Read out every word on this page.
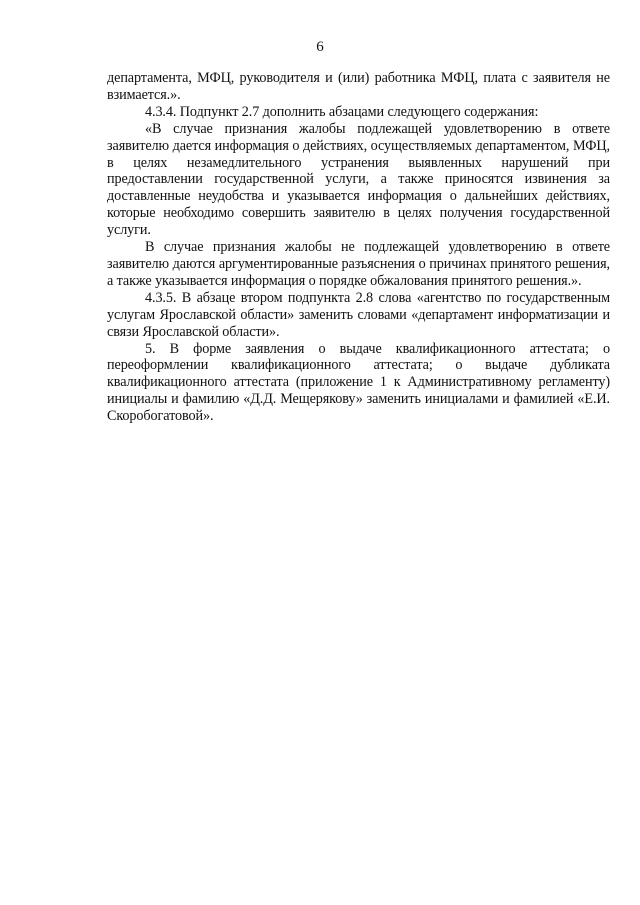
6

департамента, МФЦ, руководителя и (или) работника МФЦ, плата с заявителя не взимается.».

4.3.4. Подпункт 2.7 дополнить абзацами следующего содержания:

«В случае признания жалобы подлежащей удовлетворению в ответе заявителю дается информация о действиях, осуществляемых департаментом, МФЦ, в целях незамедлительного устранения выявленных нарушений при предоставлении государственной услуги, а также приносятся извинения за доставленные неудобства и указывается информация о дальнейших действиях, которые необходимо совершить заявителю в целях получения государственной услуги.

В случае признания жалобы не подлежащей удовлетворению в ответе заявителю даются аргументированные разъяснения о причинах принятого решения, а также указывается информация о порядке обжалования принятого решения.».

4.3.5. В абзаце втором подпункта 2.8 слова «агентство по государственным услугам Ярославской области» заменить словами «департамент информатизации и связи Ярославской области».

5. В форме заявления о выдаче квалификационного аттестата; о переоформлении квалификационного аттестата; о выдаче дубликата квалификационного аттестата (приложение 1 к Административному регламенту) инициалы и фамилию «Д.Д. Мещерякову» заменить инициалами и фамилией «Е.И. Скоробогатовой».
